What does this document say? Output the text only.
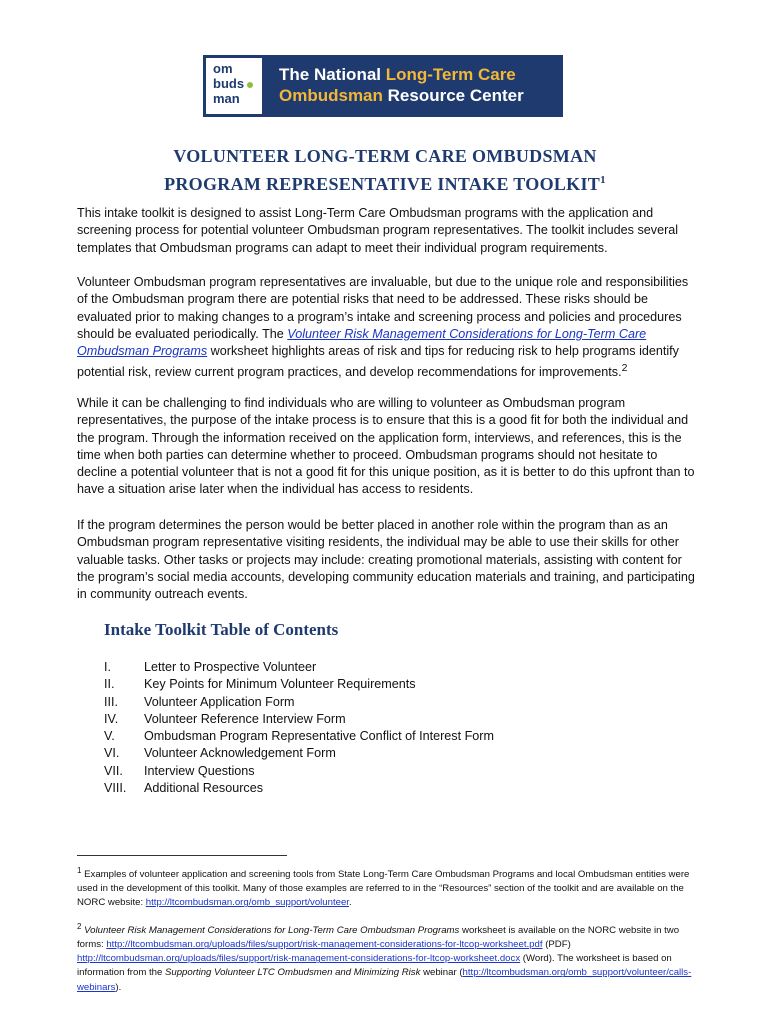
om
buds
man
The National Long-Term Care
Ombudsman Resource Center
VOLUNTEER LONG-TERM CARE OMBUDSMAN
PROGRAM REPRESENTATIVE INTAKE TOOLKIT$^1$
This intake toolkit is designed to assist Long-Term Care Ombudsman programs with the application and screening process for potential volunteer Ombudsman program representatives. The toolkit includes several templates that Ombudsman programs can adapt to meet their individual program requirements.
Volunteer Ombudsman program representatives are invaluable, but due to the unique role and responsibilities of the Ombudsman program there are potential risks that need to be addressed. These risks should be evaluated prior to making changes to a program’s intake and screening process and policies and procedures should be evaluated periodically. The Volunteer Risk Management Considerations for Long-Term Care Ombudsman Programs worksheet highlights areas of risk and tips for reducing risk to help programs identify potential risk, review current program practices, and develop recommendations for improvements.$^2$
While it can be challenging to find individuals who are willing to volunteer as Ombudsman program representatives, the purpose of the intake process is to ensure that this is a good fit for both the individual and the program. Through the information received on the application form, interviews, and references, this is the time when both parties can determine whether to proceed. Ombudsman programs should not hesitate to decline a potential volunteer that is not a good fit for this unique position, as it is better to do this upfront than to have a situation arise later when the individual has access to residents.
If the program determines the person would be better placed in another role within the program than as an Ombudsman program representative visiting residents, the individual may be able to use their skills for other valuable tasks. Other tasks or projects may include: creating promotional materials, assisting with content for the program’s social media accounts, developing community education materials and training, and participating in community outreach events.
Intake Toolkit Table of Contents
I.	Letter to Prospective Volunteer
II.	Key Points for Minimum Volunteer Requirements
III.	Volunteer Application Form
IV.	Volunteer Reference Interview Form
V.	Ombudsman Program Representative Conflict of Interest Form
VI.	Volunteer Acknowledgement Form
VII.	Interview Questions
VIII.	Additional Resources
$^1$ Examples of volunteer application and screening tools from State Long-Term Care Ombudsman Programs and local Ombudsman entities were used in the development of this toolkit. Many of those examples are referred to in the “Resources” section of the toolkit and are available on the NORC website: http://ltcombudsman.org/omb_support/volunteer.
$^2$ Volunteer Risk Management Considerations for Long-Term Care Ombudsman Programs worksheet is available on the NORC website in two forms: http://ltcombudsman.org/uploads/files/support/risk-management-considerations-for-ltcop-worksheet.pdf (PDF) http://ltcombudsman.org/uploads/files/support/risk-management-considerations-for-ltcop-worksheet.docx (Word). The worksheet is based on information from the Supporting Volunteer LTC Ombudsmen and Minimizing Risk webinar (http://ltcombudsman.org/omb_support/volunteer/calls-webinars).
